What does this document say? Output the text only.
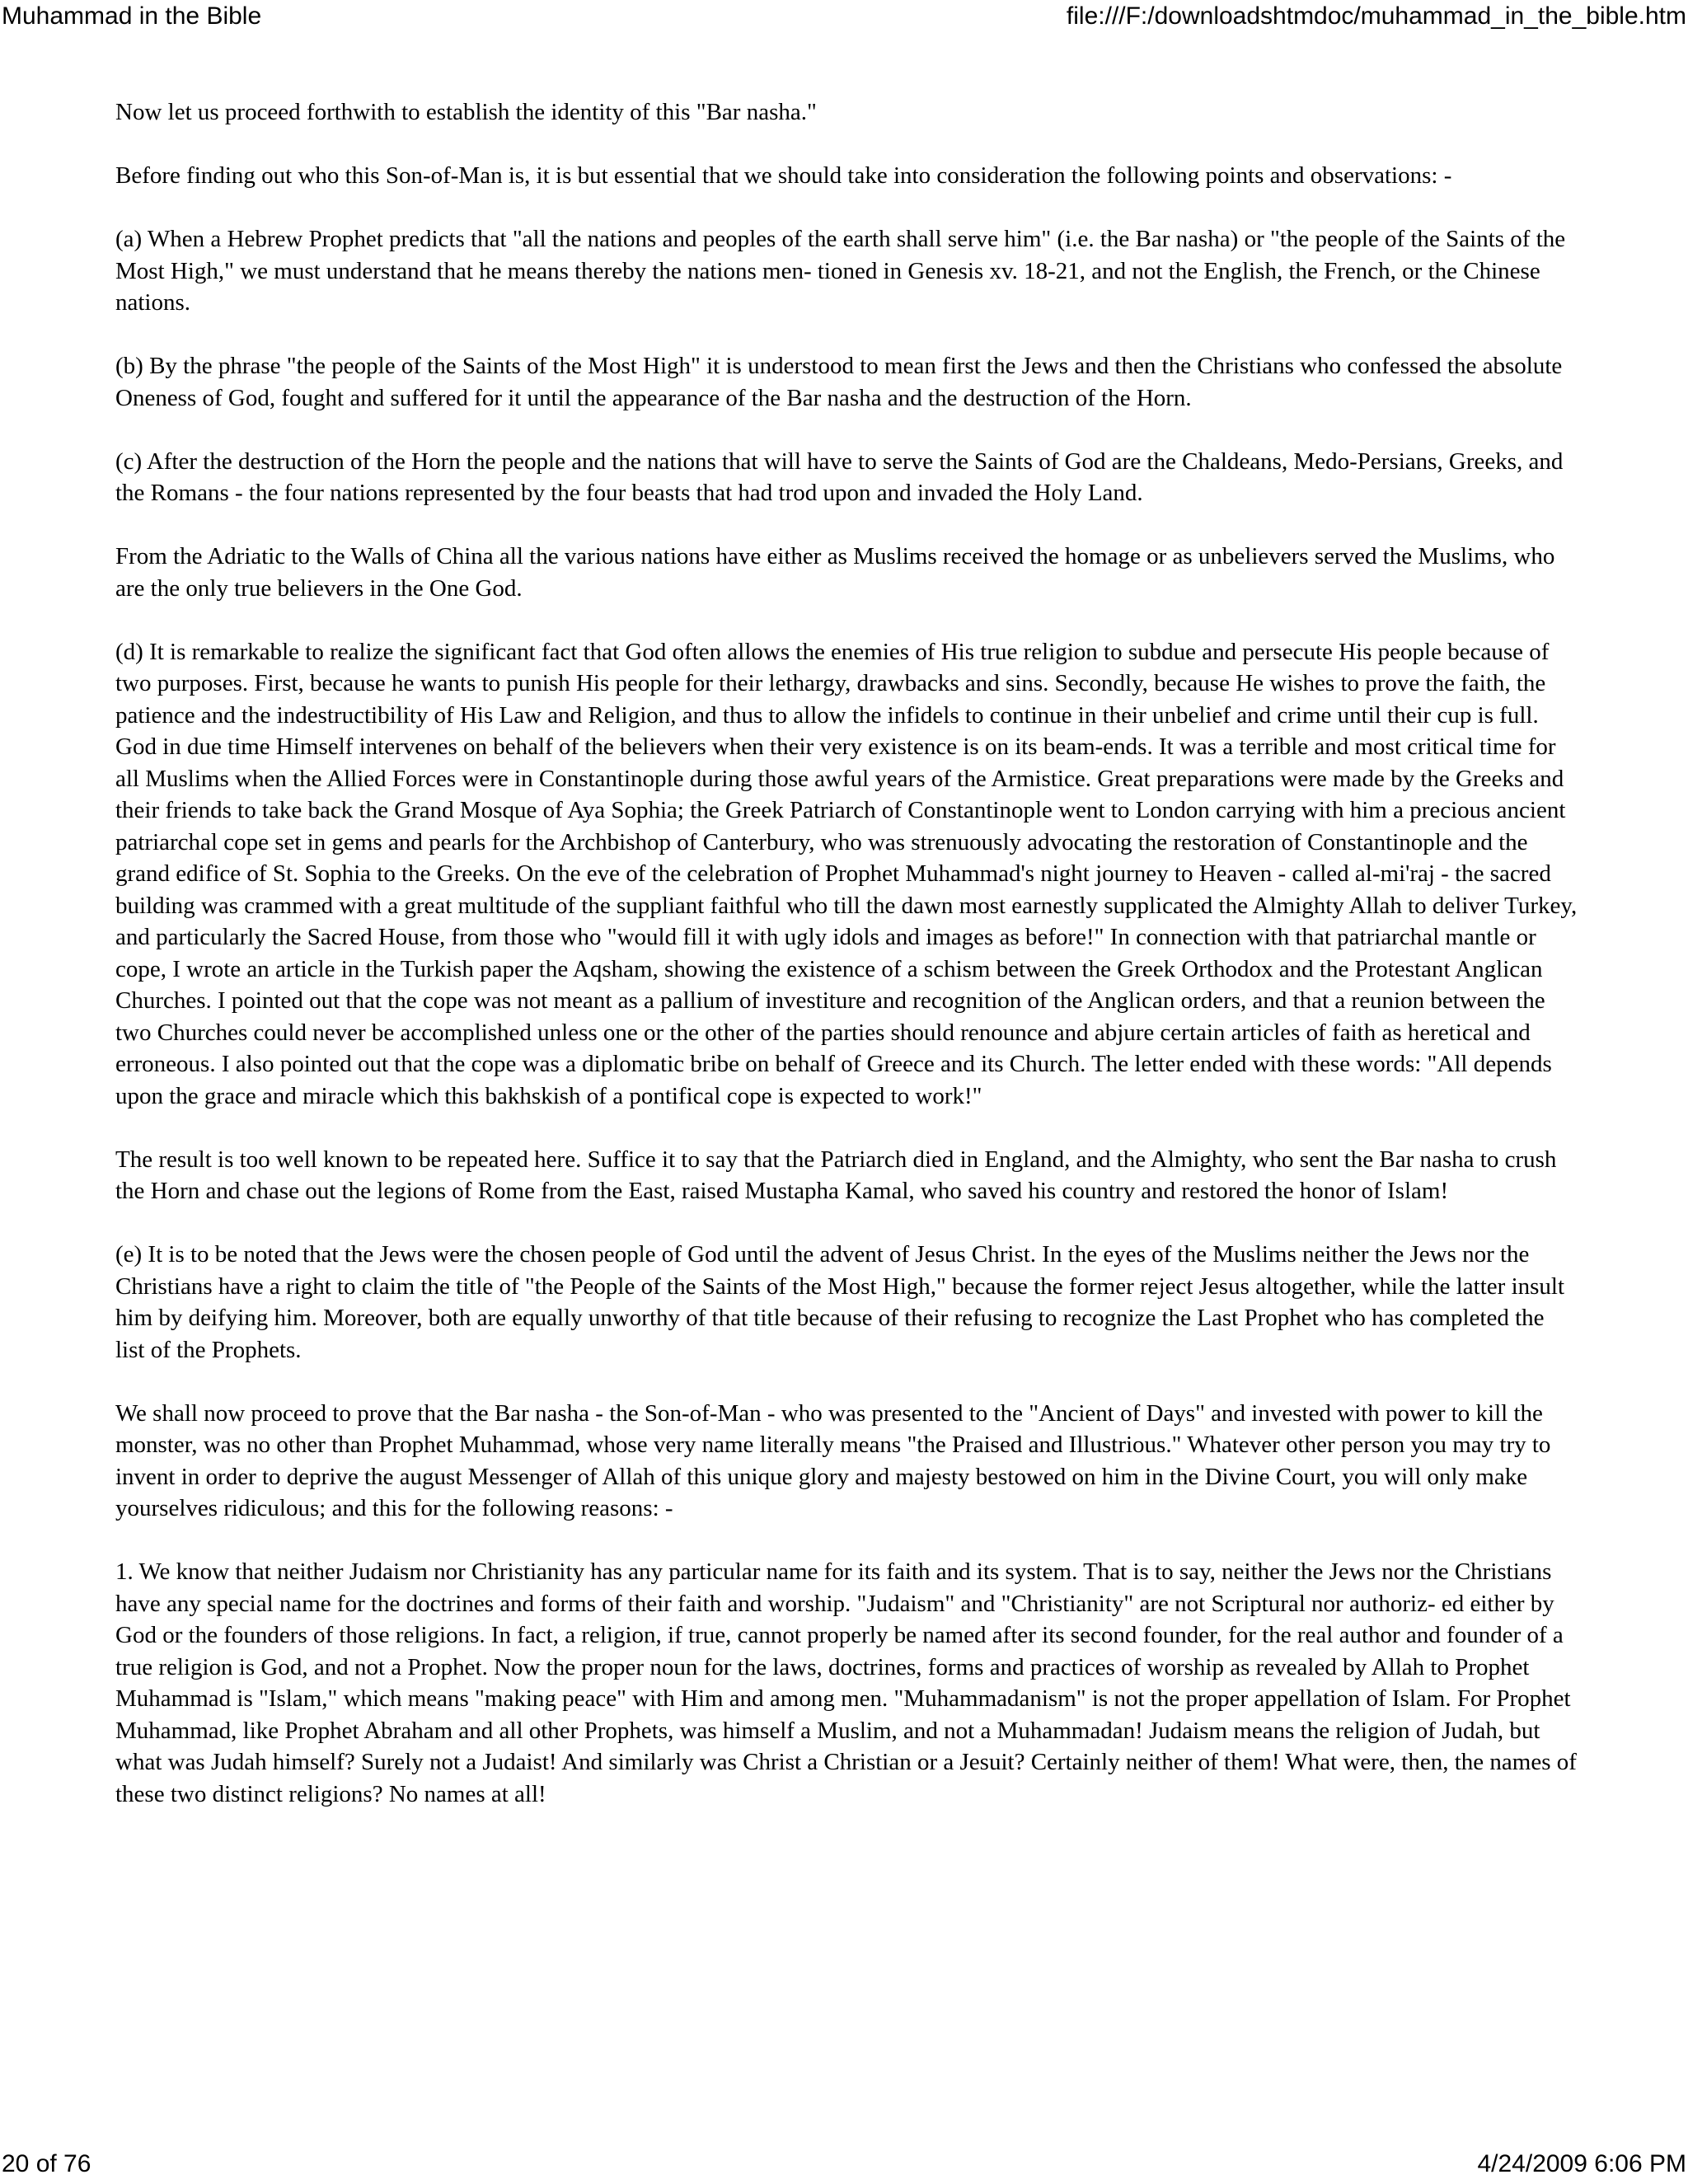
Muhammad in the Bible	file:///F:/downloadshtmdoc/muhammad_in_the_bible.htm

Now let us proceed forthwith to establish the identity of this "Bar nasha."

Before finding out who this Son-of-Man is, it is but essential that we should take into consideration the following points and observations: -

(a) When a Hebrew Prophet predicts that "all the nations and peoples of the earth shall serve him" (i.e. the Bar nasha) or "the people of the Saints of the Most High," we must understand that he means thereby the nations men- tioned in Genesis xv. 18-21, and not the English, the French, or the Chinese nations.

(b) By the phrase "the people of the Saints of the Most High" it is understood to mean first the Jews and then the Christians who confessed the absolute Oneness of God, fought and suffered for it until the appearance of the Bar nasha and the destruction of the Horn.

(c) After the destruction of the Horn the people and the nations that will have to serve the Saints of God are the Chaldeans, Medo-Persians, Greeks, and the Romans - the four nations represented by the four beasts that had trod upon and invaded the Holy Land.

From the Adriatic to the Walls of China all the various nations have either as Muslims received the homage or as unbelievers served the Muslims, who are the only true believers in the One God.

(d) It is remarkable to realize the significant fact that God often allows the enemies of His true religion to subdue and persecute His people because of two purposes. First, because he wants to punish His people for their lethargy, drawbacks and sins. Secondly, because He wishes to prove the faith, the patience and the indestructibility of His Law and Religion, and thus to allow the infidels to continue in their unbelief and crime until their cup is full. God in due time Himself intervenes on behalf of the believers when their very existence is on its beam-ends. It was a terrible and most critical time for all Muslims when the Allied Forces were in Constantinople during those awful years of the Armistice. Great preparations were made by the Greeks and their friends to take back the Grand Mosque of Aya Sophia; the Greek Patriarch of Constantinople went to London carrying with him a precious ancient patriarchal cope set in gems and pearls for the Archbishop of Canterbury, who was strenuously advocating the restoration of Constantinople and the grand edifice of St. Sophia to the Greeks. On the eve of the celebration of Prophet Muhammad's night journey to Heaven - called al-mi'raj - the sacred building was crammed with a great multitude of the suppliant faithful who till the dawn most earnestly supplicated the Almighty Allah to deliver Turkey, and particularly the Sacred House, from those who "would fill it with ugly idols and images as before!" In connection with that patriarchal mantle or cope, I wrote an article in the Turkish paper the Aqsham, showing the existence of a schism between the Greek Orthodox and the Protestant Anglican Churches. I pointed out that the cope was not meant as a pallium of investiture and recognition of the Anglican orders, and that a reunion between the two Churches could never be accomplished unless one or the other of the parties should renounce and abjure certain articles of faith as heretical and erroneous. I also pointed out that the cope was a diplomatic bribe on behalf of Greece and its Church. The letter ended with these words: "All depends upon the grace and miracle which this bakhskish of a pontifical cope is expected to work!"

The result is too well known to be repeated here. Suffice it to say that the Patriarch died in England, and the Almighty, who sent the Bar nasha to crush the Horn and chase out the legions of Rome from the East, raised Mustapha Kamal, who saved his country and restored the honor of Islam!

(e) It is to be noted that the Jews were the chosen people of God until the advent of Jesus Christ. In the eyes of the Muslims neither the Jews nor the Christians have a right to claim the title of "the People of the Saints of the Most High," because the former reject Jesus altogether, while the latter insult him by deifying him. Moreover, both are equally unworthy of that title because of their refusing to recognize the Last Prophet who has completed the list of the Prophets.

We shall now proceed to prove that the Bar nasha - the Son-of-Man - who was presented to the "Ancient of Days" and invested with power to kill the monster, was no other than Prophet Muhammad, whose very name literally means "the Praised and Illustrious." Whatever other person you may try to invent in order to deprive the august Messenger of Allah of this unique glory and majesty bestowed on him in the Divine Court, you will only make yourselves ridiculous; and this for the following reasons: -

1. We know that neither Judaism nor Christianity has any particular name for its faith and its system. That is to say, neither the Jews nor the Christians have any special name for the doctrines and forms of their faith and worship. "Judaism" and "Christianity" are not Scriptural nor authoriz- ed either by God or the founders of those religions. In fact, a religion, if true, cannot properly be named after its second founder, for the real author and founder of a true religion is God, and not a Prophet. Now the proper noun for the laws, doctrines, forms and practices of worship as revealed by Allah to Prophet Muhammad is "Islam," which means "making peace" with Him and among men. "Muhammadanism" is not the proper appellation of Islam. For Prophet Muhammad, like Prophet Abraham and all other Prophets, was himself a Muslim, and not a Muhammadan! Judaism means the religion of Judah, but what was Judah himself? Surely not a Judaist! And similarly was Christ a Christian or a Jesuit? Certainly neither of them! What were, then, the names of these two distinct religions? No names at all!

20 of 76	4/24/2009 6:06 PM
